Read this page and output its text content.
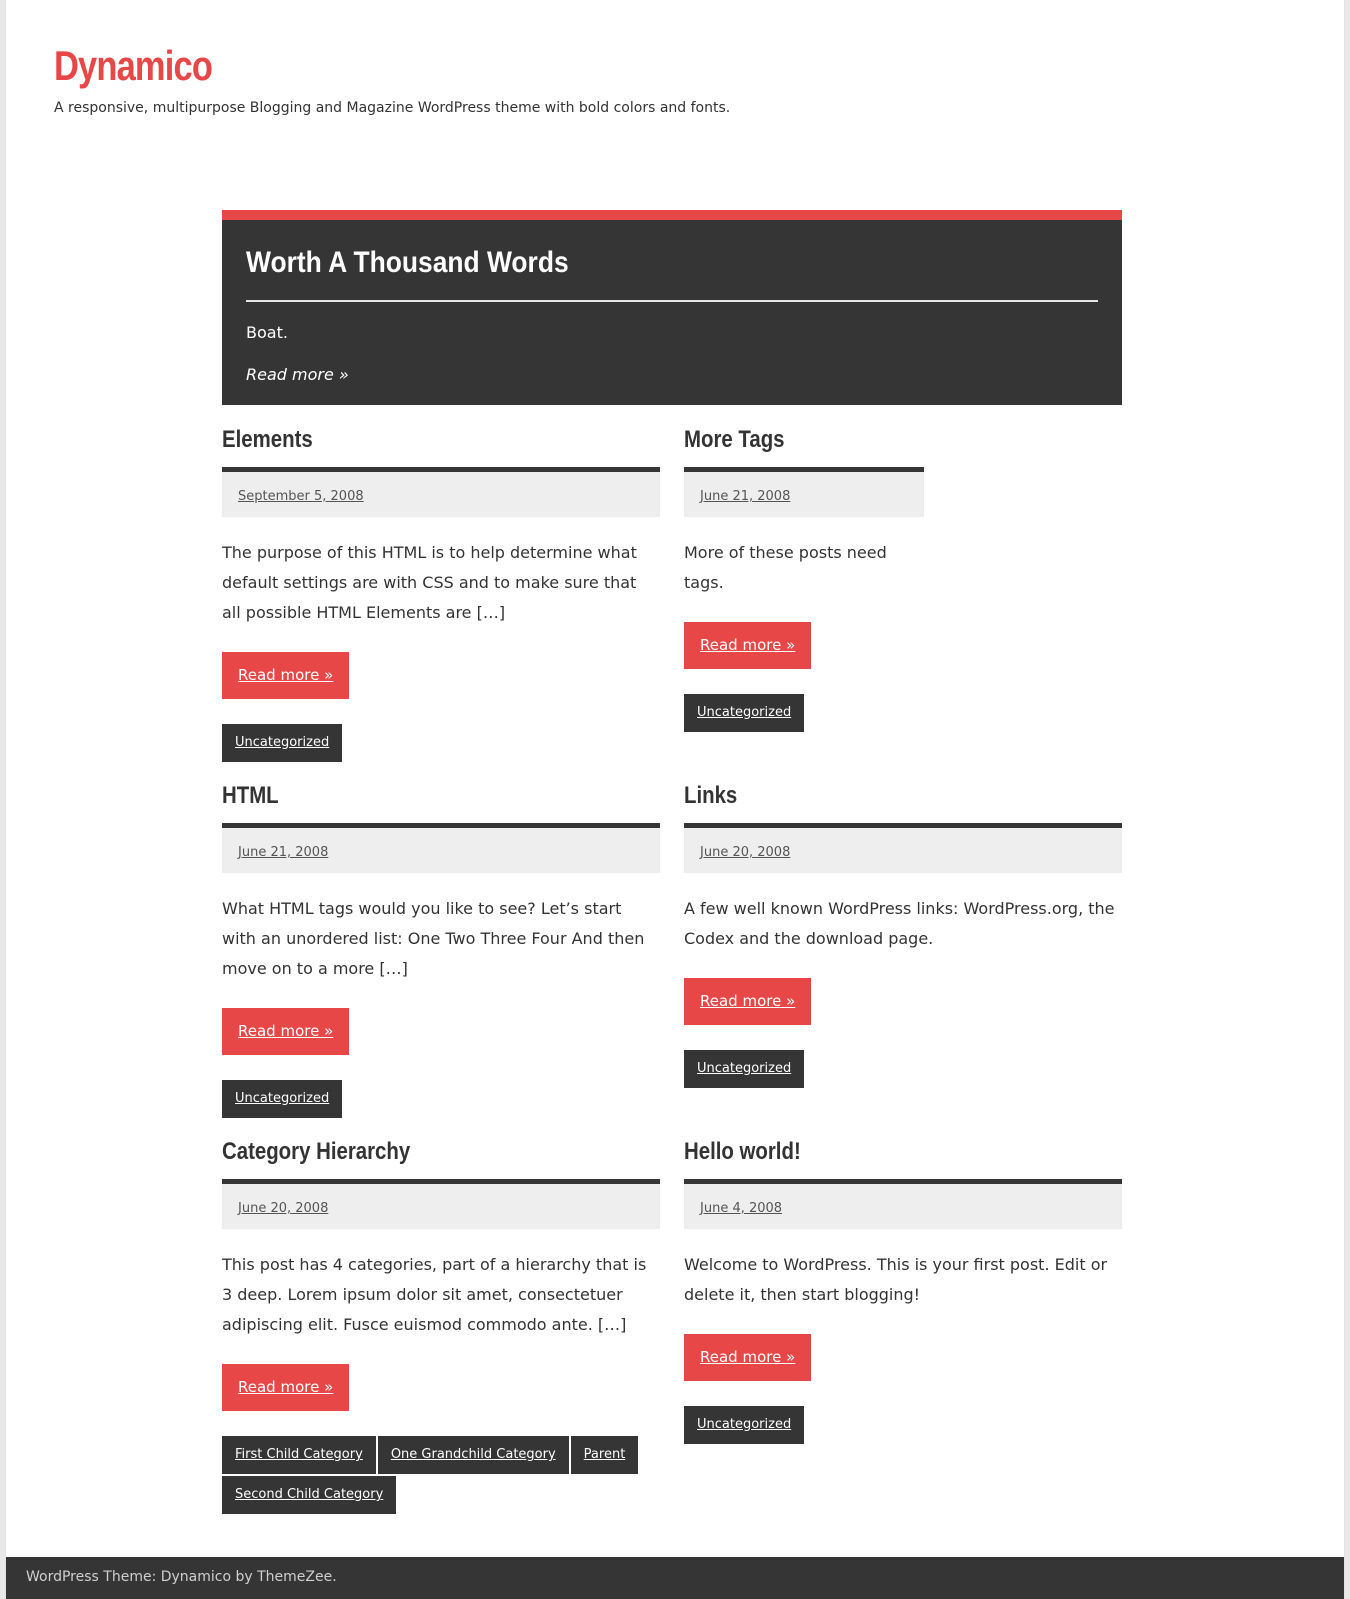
Dynamico
A responsive, multipurpose Blogging and Magazine WordPress theme with bold colors and fonts.
Worth A Thousand Words
Boat.
Read more »
Elements
September 5, 2008
The purpose of this HTML is to help determine what default settings are with CSS and to make sure that all possible HTML Elements are […]
Read more »
Uncategorized
More Tags
June 21, 2008
More of these posts need tags.
Read more »
Uncategorized
HTML
June 21, 2008
What HTML tags would you like to see? Let’s start with an unordered list: One Two Three Four And then move on to a more […]
Read more »
Uncategorized
Links
June 20, 2008
A few well known WordPress links: WordPress.org, the Codex and the download page.
Read more »
Uncategorized
Category Hierarchy
June 20, 2008
This post has 4 categories, part of a hierarchy that is 3 deep. Lorem ipsum dolor sit amet, consectetuer adipiscing elit. Fusce euismod commodo ante. […]
Read more »
First Child Category	One Grandchild Category	Parent
Second Child Category
Hello world!
June 4, 2008
Welcome to WordPress. This is your first post. Edit or delete it, then start blogging!
Read more »
Uncategorized
WordPress Theme: Dynamico by ThemeZee.
